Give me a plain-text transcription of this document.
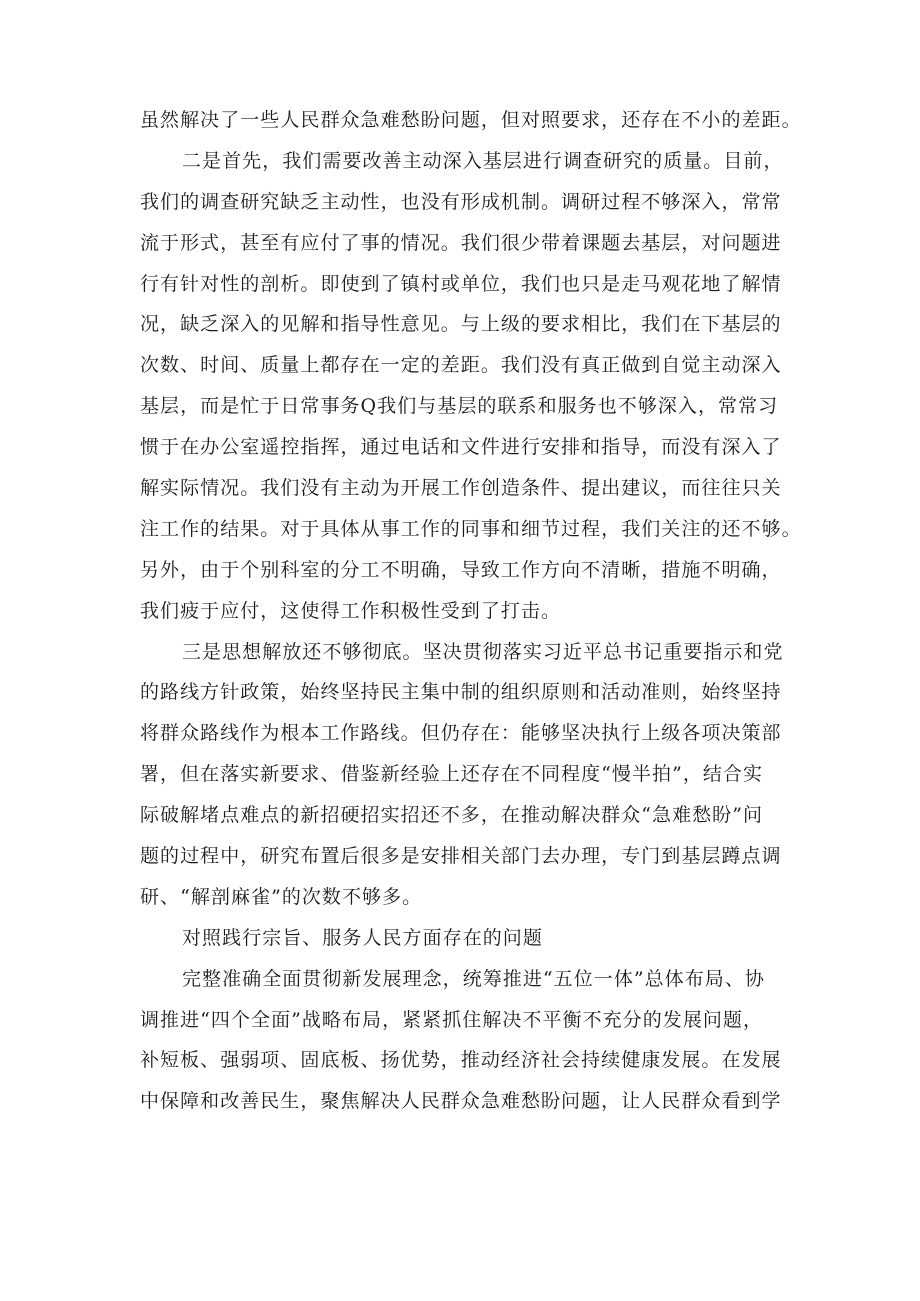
虽然解决了一些人民群众急难愁盼问题，但对照要求，还存在不小的差距。
二是首先，我们需要改善主动深入基层进行调查研究的质量。目前，
我们的调查研究缺乏主动性，也没有形成机制。调研过程不够深入，常常
流于形式，甚至有应付了事的情况。我们很少带着课题去基层，对问题进
行有针对性的剖析。即使到了镇村或单位，我们也只是走马观花地了解情
况，缺乏深入的见解和指导性意见。与上级的要求相比，我们在下基层的
次数、时间、质量上都存在一定的差距。我们没有真正做到自觉主动深入
基层，而是忙于日常事务Q我们与基层的联系和服务也不够深入，常常习
惯于在办公室遥控指挥，通过电话和文件进行安排和指导，而没有深入了
解实际情况。我们没有主动为开展工作创造条件、提出建议，而往往只关
注工作的结果。对于具体从事工作的同事和细节过程，我们关注的还不够。
另外，由于个别科室的分工不明确，导致工作方向不清晰，措施不明确，
我们疲于应付，这使得工作积极性受到了打击。
三是思想解放还不够彻底。坚决贯彻落实习近平总书记重要指示和党
的路线方针政策，始终坚持民主集中制的组织原则和活动准则，始终坚持
将群众路线作为根本工作路线。但仍存在：能够坚决执行上级各项决策部
署，但在落实新要求、借鉴新经验上还存在不同程度“慢半拍”，结合实
际破解堵点难点的新招硬招实招还不多，在推动解决群众“急难愁盼”问
题的过程中，研究布置后很多是安排相关部门去办理，专门到基层蹲点调
研、“解剖麻雀”的次数不够多。
对照践行宗旨、服务人民方面存在的问题
完整准确全面贯彻新发展理念，统筹推进“五位一体”总体布局、协
调推进“四个全面”战略布局，紧紧抓住解决不平衡不充分的发展问题，
补短板、强弱项、固底板、扬优势，推动经济社会持续健康发展。在发展
中保障和改善民生，聚焦解决人民群众急难愁盼问题，让人民群众看到学
